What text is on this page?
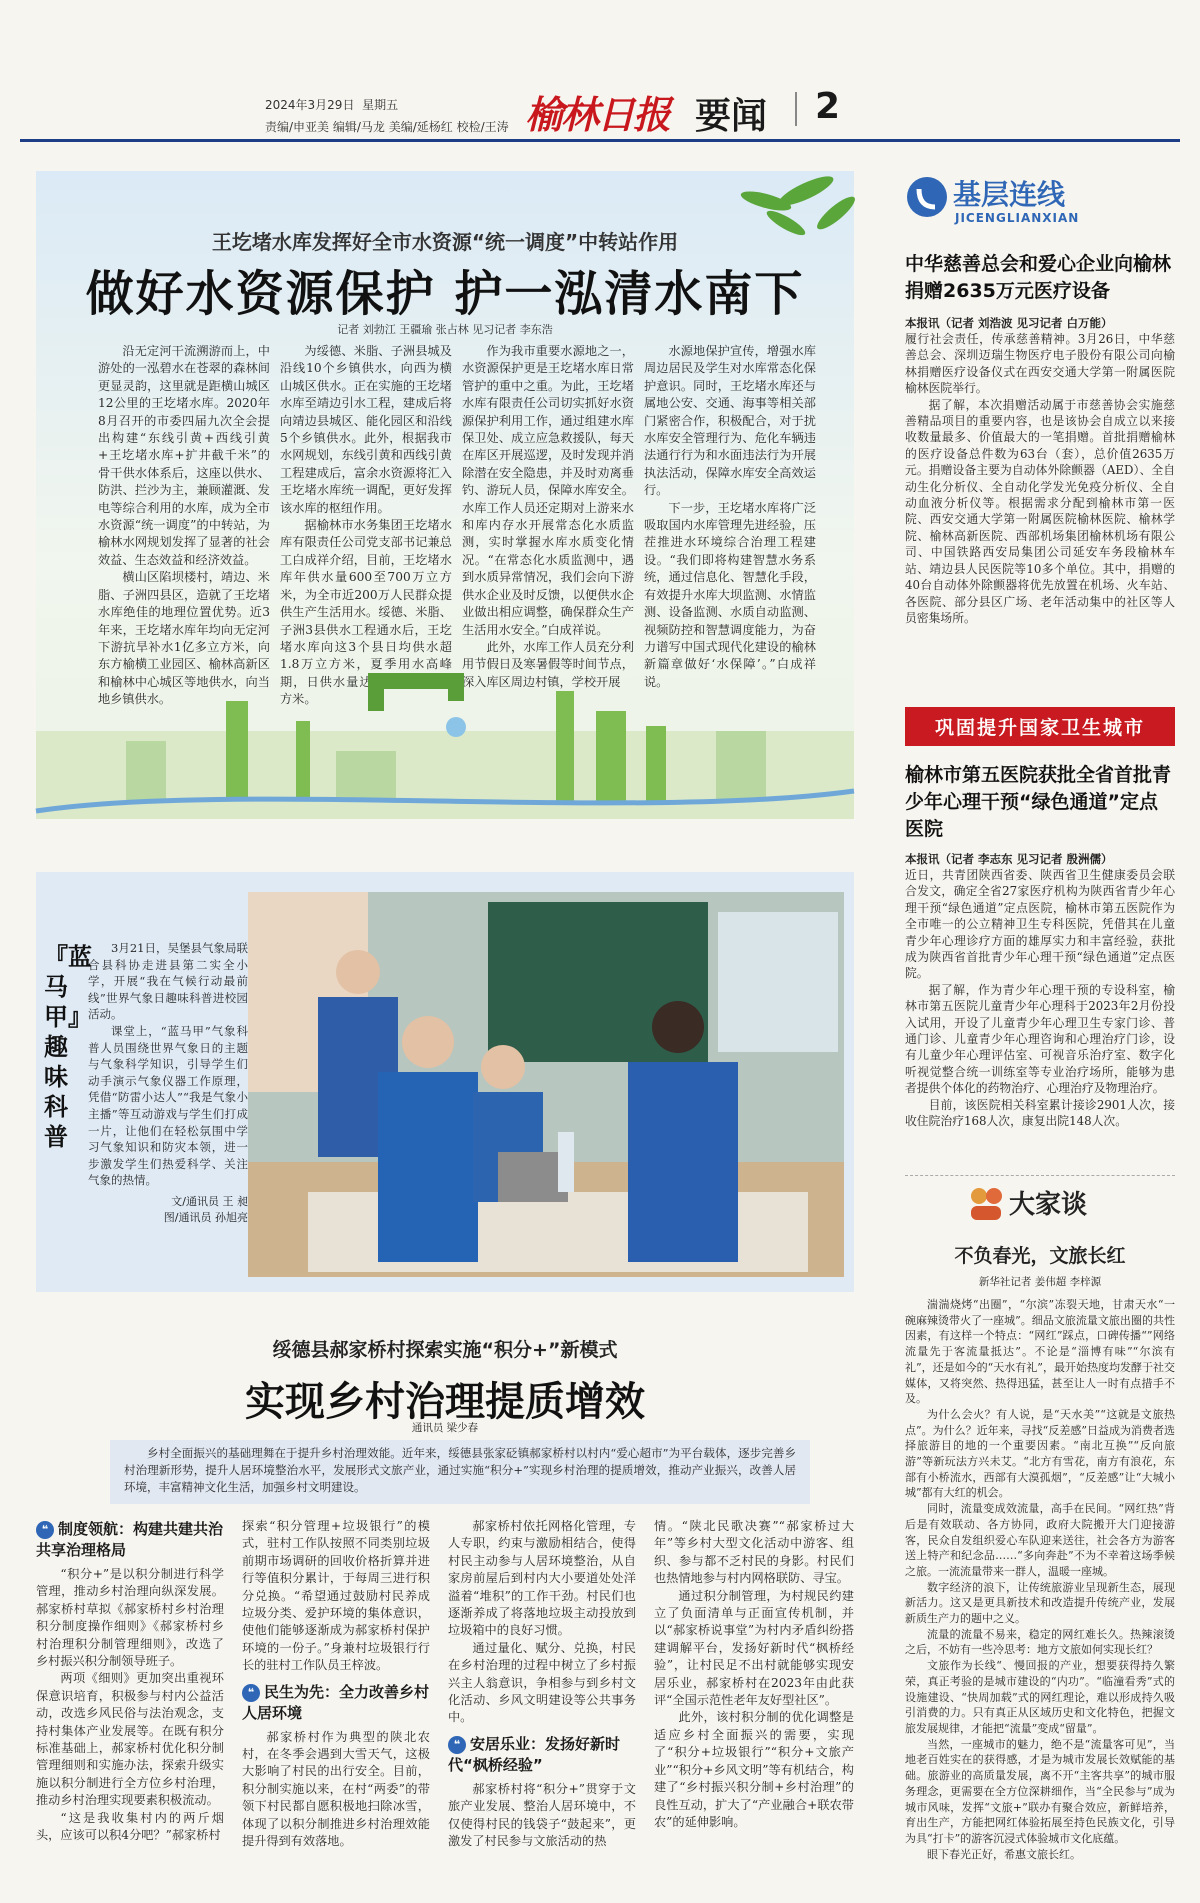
2024年3月29日 星期五
责编/申亚美 编辑/马龙 美编/延杨红 校检/王涛 榆林日报 要闻 2
王圪堵水库发挥好全市水资源“统一调度”中转站作用
做好水资源保护 护一泓清水南下
记者 刘勃江 王疆瑜 张占林 见习记者 李东浩

沿无定河干流溯游而上，中游处的一泓碧水在苍翠的森林间更显灵韵，这里就是距横山城区12公里的王圪堵水库。2020年8月召开的市委四届九次全会提出构建“东线引黄+西线引黄+王圪堵水库+扩井截千米”的骨干供水体系后，这座以供水、防洪、拦沙为主，兼顾灌溉、发电等综合利用的水库，成为全市水资源“统一调度”的中转站，为榆林水网规划发挥了显著的社会效益、生态效益和经济效益。

横山区陷坝楼村，靖边、米脂、子洲四县区，造就了王圪堵水库绝佳的地理位置优势。近3年来，王圪堵水库年均向无定河下游抗旱补水1亿多立方米，向东方榆横工业园区、榆林高新区和榆林中心城区等地供水，向当地乡镇供水。

为绥德、米脂、子洲县城及沿线10个乡镇供水，向西为横山城区供水。正在实施的王圪堵水库至靖边引水工程，建成后将向靖边县城区、能化园区和沿线5个乡镇供水。此外，根据我市水网规划，东线引黄和西线引黄工程建成后，富余水资源将汇入王圪堵水库统一调配，更好发挥该水库的枢纽作用。

据榆林市水务集团王圪堵水库有限责任公司党支部书记兼总工白成祥介绍，目前，王圪堵水库年供水量600至700万立方米，为全市近200万人民群众提供生产生活用水。绥德、米脂、子洲3县供水工程通水后，王圪堵水库向这3个县日均供水超1.8万立方米，夏季用水高峰期，日供水量达2.5至2.7万立方米。

作为我市重要水源地之一，水资源保护更是王圪堵水库日常管护的重中之重。为此，王圪堵水库有限责任公司切实抓好水资源保护利用工作，通过组建水库保卫处、成立应急救援队，每天在库区开展巡逻，及时发现并消除潜在安全隐患，并及时劝离垂钓、游玩人员，保障水库安全。水库工作人员还定期对上游来水和库内存水开展常态化水质监测，实时掌握水库水质变化情况。“在常态化水质监测中，遇到水质异常情况，我们会向下游供水企业及时反馈，以便供水企业做出相应调整，确保群众生产生活用水安全。”白成祥说。

此外，水库工作人员充分利用节假日及寒暑假等时间节点，深入库区周边村镇，学校开展

水源地保护宣传，增强水库周边居民及学生对水库常态化保护意识。同时，王圪堵水库还与属地公安、交通、海事等相关部门紧密合作，积极配合，对于扰水库安全管理行为、危化车辆违法通行行为和水面违法行为开展执法活动，保障水库安全高效运行。

下一步，王圪堵水库将广泛吸取国内水库管理先进经验，压茬推进水环境综合治理工程建设。“我们即将构建智慧水务系统，通过信息化、智慧化手段，有效提升水库大坝监测、水情监测、设备监测、水质自动监测、视频防控和智慧调度能力，为奋力谱写中国式现代化建设的榆林新篇章做好‘水保障’。”白成祥说。

『蓝马甲』趣味科普

3月21日，吴堡县气象局联合县科协走进县第二实全小学，开展“我在气候行动最前线”世界气象日趣味科普进校园活动。

课堂上，“蓝马甲”气象科普人员围绕世界气象日的主题与气象科学知识，引导学生们动手演示气象仪器工作原理，凭借“防雷小达人”“我是气象小主播”等互动游戏与学生们打成一片，让他们在轻松氛围中学习气象知识和防灾本领，进一步激发学生们热爱科学、关注气象的热情。

文/通讯员 王 昶
图/通讯员 孙旭亮
绥德县郝家桥村探索实施“积分+”新模式
实现乡村治理提质增效
通讯员 梁少春

乡村全面振兴的基础理舞在于提升乡村治理效能。近年来，绥德县张家砭镇郝家桥村以村内“爱心超市”为平台载体，逐步完善乡村治理新形势，提升人居环境整治水平，发展形式文旅产业，通过实施“积分+”实现乡村治理的提质增效，推动产业振兴，改善人居环境，丰富精神文化生活，加强乡村文明建设。

❝ 制度领航：构建共建共治共享治理格局

“积分+”是以积分制进行科学管理，推动乡村治理向纵深发展。郝家桥村草拟《郝家桥村乡村治理积分制度操作细则》《郝家桥村乡村治理积分制管理细则》，改选了乡村振兴积分制领导班子。

两项《细则》更加突出重视环保意识培育，积极参与村内公益活动，改选乡风民俗与法治观念，支持村集体产业发展等。在既有积分标准基础上，郝家桥村优化积分制管理细则和实施办法，探索升级实施以积分制进行全方位乡村治理，推动乡村治理实现要素积极流动。

“这是我收集村内的两斤烟头，应该可以积4分吧？”郝家桥村

探索“积分管理+垃圾银行”的模式，驻村工作队按照不同类别垃圾前期市场调研的回收价格折算并进行等值积分累计，于每周三进行积分兑换。“希望通过鼓励村民养成垃圾分类、爱护环境的集体意识，使他们能够逐渐成为郝家桥村保护环境的一份子。”身兼村垃圾银行行长的驻村工作队员王梓波。

❝ 民生为先：全力改善乡村人居环境

郝家桥村作为典型的陕北农村，在冬季会遇到大雪天气，这极大影响了村民的出行安全。目前，积分制实施以来，在村“两委”的带领下村民都自愿积极地扫除冰雪，体现了以积分制推进乡村治理效能提升得到有效落地。

郝家桥村依托网格化管理，专人专职，约束与激励相结合，使得村民主动参与人居环境整治，从自家房前屋后到村内大小要道处处洋溢着“堆积”的工作干劲。村民们也逐渐养成了将落地垃圾主动投放到垃圾箱中的良好习惯。

通过量化、赋分、兑换，村民在乡村治理的过程中树立了乡村振兴主人翁意识，争相参与到乡村文化活动、乡风文明建设等公共事务中。

❝ 安居乐业：发扬好新时代“枫桥经验”

郝家桥村将“积分+”贯穿于文旅产业发展、整治人居环境中，不仅使得村民的钱袋子“鼓起来”，更激发了村民参与文旅活动的热

情。“陕北民歌决赛”“郝家桥过大年”等乡村大型文化活动中游客、组织、参与都不乏村民的身影。村民们也热情地参与村内网格联防、寻宝。

通过积分制管理，为村规民约建立了负面清单与正面宣传机制，并以“郝家桥说事堂”为村内矛盾纠纷搭建调解平台，发扬好新时代“枫桥经验”，让村民足不出村就能够实现安居乐业，郝家桥村在2023年由此获评“全国示范性老年友好型社区”。

此外，该村积分制的优化调整是适应乡村全面振兴的需要，实现了“积分+垃圾银行”“积分+文旅产业”“积分+乡风文明”等有机结合，构建了“乡村振兴积分制+乡村治理”的良性互动，扩大了“产业融合+联农带农”的延伸影响。

基层连线
JICENGLIANXIAN
中华慈善总会和爱心企业向榆林捐赠2635万元医疗设备
本报讯（记者 刘浩波 见习记者 白万能）

履行社会责任，传承慈善精神。3月26日，中华慈善总会、深圳迈瑞生物医疗电子股份有限公司向榆林捐赠医疗设备仪式在西安交通大学第一附属医院榆林医院举行。

据了解，本次捐赠活动属于市慈善协会实施慈善精品项目的重要内容，也是该协会自成立以来接收数量最多、价值最大的一笔捐赠。首批捐赠榆林的医疗设备总件数为63台（套），总价值2635万元。捐赠设备主要为自动体外除颤器（AED）、全自动生化分析仪、全自动化学发光免疫分析仪、全自动血液分析仪等。根据需求分配到榆林市第一医院、西安交通大学第一附属医院榆林医院、榆林学院、榆林高新医院、西部机场集团榆林机场有限公司、中国铁路西安局集团公司延安车务段榆林车站、靖边县人民医院等10多个单位。其中，捐赠的40台自动体外除颤器将优先放置在机场、火车站、各医院、部分县区广场、老年活动集中的社区等人员密集场所。

巩固提升国家卫生城市
榆林市第五医院获批全省首批青少年心理干预“绿色通道”定点医院
本报讯（记者 李志东 见习记者 殷洲儒）

近日，共青团陕西省委、陕西省卫生健康委员会联合发文，确定全省27家医疗机构为陕西省青少年心理干预“绿色通道”定点医院，榆林市第五医院作为全市唯一的公立精神卫生专科医院，凭借其在儿童青少年心理诊疗方面的雄厚实力和丰富经验，获批成为陕西省首批青少年心理干预“绿色通道”定点医院。

据了解，作为青少年心理干预的专设科室，榆林市第五医院儿童青少年心理科于2023年2月份投入试用，开设了儿童青少年心理卫生专家门诊、普通门诊、儿童青少年心理咨询和心理治疗门诊，设有儿童少年心理评估室、可视音乐治疗室、数字化听视觉整合统一训练室等专业治疗场所，能够为患者提供个体化的药物治疗、心理治疗及物理治疗。

目前，该医院相关科室累计接诊2901人次，接收住院治疗168人次，康复出院148人次。

大家谈
不负春光，文旅长红
新华社记者 姜伟超 李梓源

湍湍烧烤“出圈”，“尔滨”冻裂天地，甘肃天水“一碗麻辣烫带火了一座城”。细品文旅流量文旅出圈的共性因素，有这样一个特点：“网红”踩点，口碑传播“”网络流量先于客流量抵达”。不论是“淄博有味”“尔滨有礼”，还是如今的“天水有礼”，最开始热度均发酵于社交媒体，又将突然、热得迅猛，甚至让人一时有点措手不及。

为什么会火？有人说，是“天水美”“这就是文旅热点”。为什么？近年来，寻找“反差感”日益成为消费者选择旅游目的地的一个重要因素。“南北互换”“反向旅游”等新玩法方兴未艾。“北方有雪花，南方有浪花，东部有小桥流水，西部有大漠孤烟”，“反差感”让“大城小城”都有大红的机会。

同时，流量变成效流量，高手在民间。“网红热”背后是有效联动、各方协同，政府大院搬开大门迎接游客，民众自发组织爱心车队迎来送往，社会各方为游客送上特产和纪念品……“多向奔赴”不为不幸着这场季候之旅。一流流量带来一群人，温暖一座城。

数字经济的浪下，让传统旅游业呈现新生态，展现新活力。这又是更具新技术和改造提升传统产业，发展新质生产力的题中之义。

流量的流量不易来，稳定的网红难长久。热辣滚烫之后，不妨有一些冷思考：地方文旅如何实现长红？

文旅作为长线“、慢回报的产业，想要获得持久繁荣，真正考验的是城市建设的“内功”。“临潼看秀”式的设施建设、“快周加载”式的网红理论，难以形成持久吸引消费的力。只有真正从区域历史和文化特色，把握文旅发展规律，才能把“流量”变成“留量”。

当然，一座城市的魅力，绝不是“流量客可见”，当地老百姓实在的获得感，才是为城市发展长效赋能的基础。旅游业的高质量发展，离不开“主客共享”的城市服务理念，更需要在全方位深耕细作，当“全民参与”成为城市风味，发挥“文旅+”联办有聚合效应，新鲜培养，育出生产，方能把网红体验拓展至持色民族文化，引导为具“打卡”的游客沉浸式体验城市文化底蕴。

眼下春光正好，希惠文旅长红。
